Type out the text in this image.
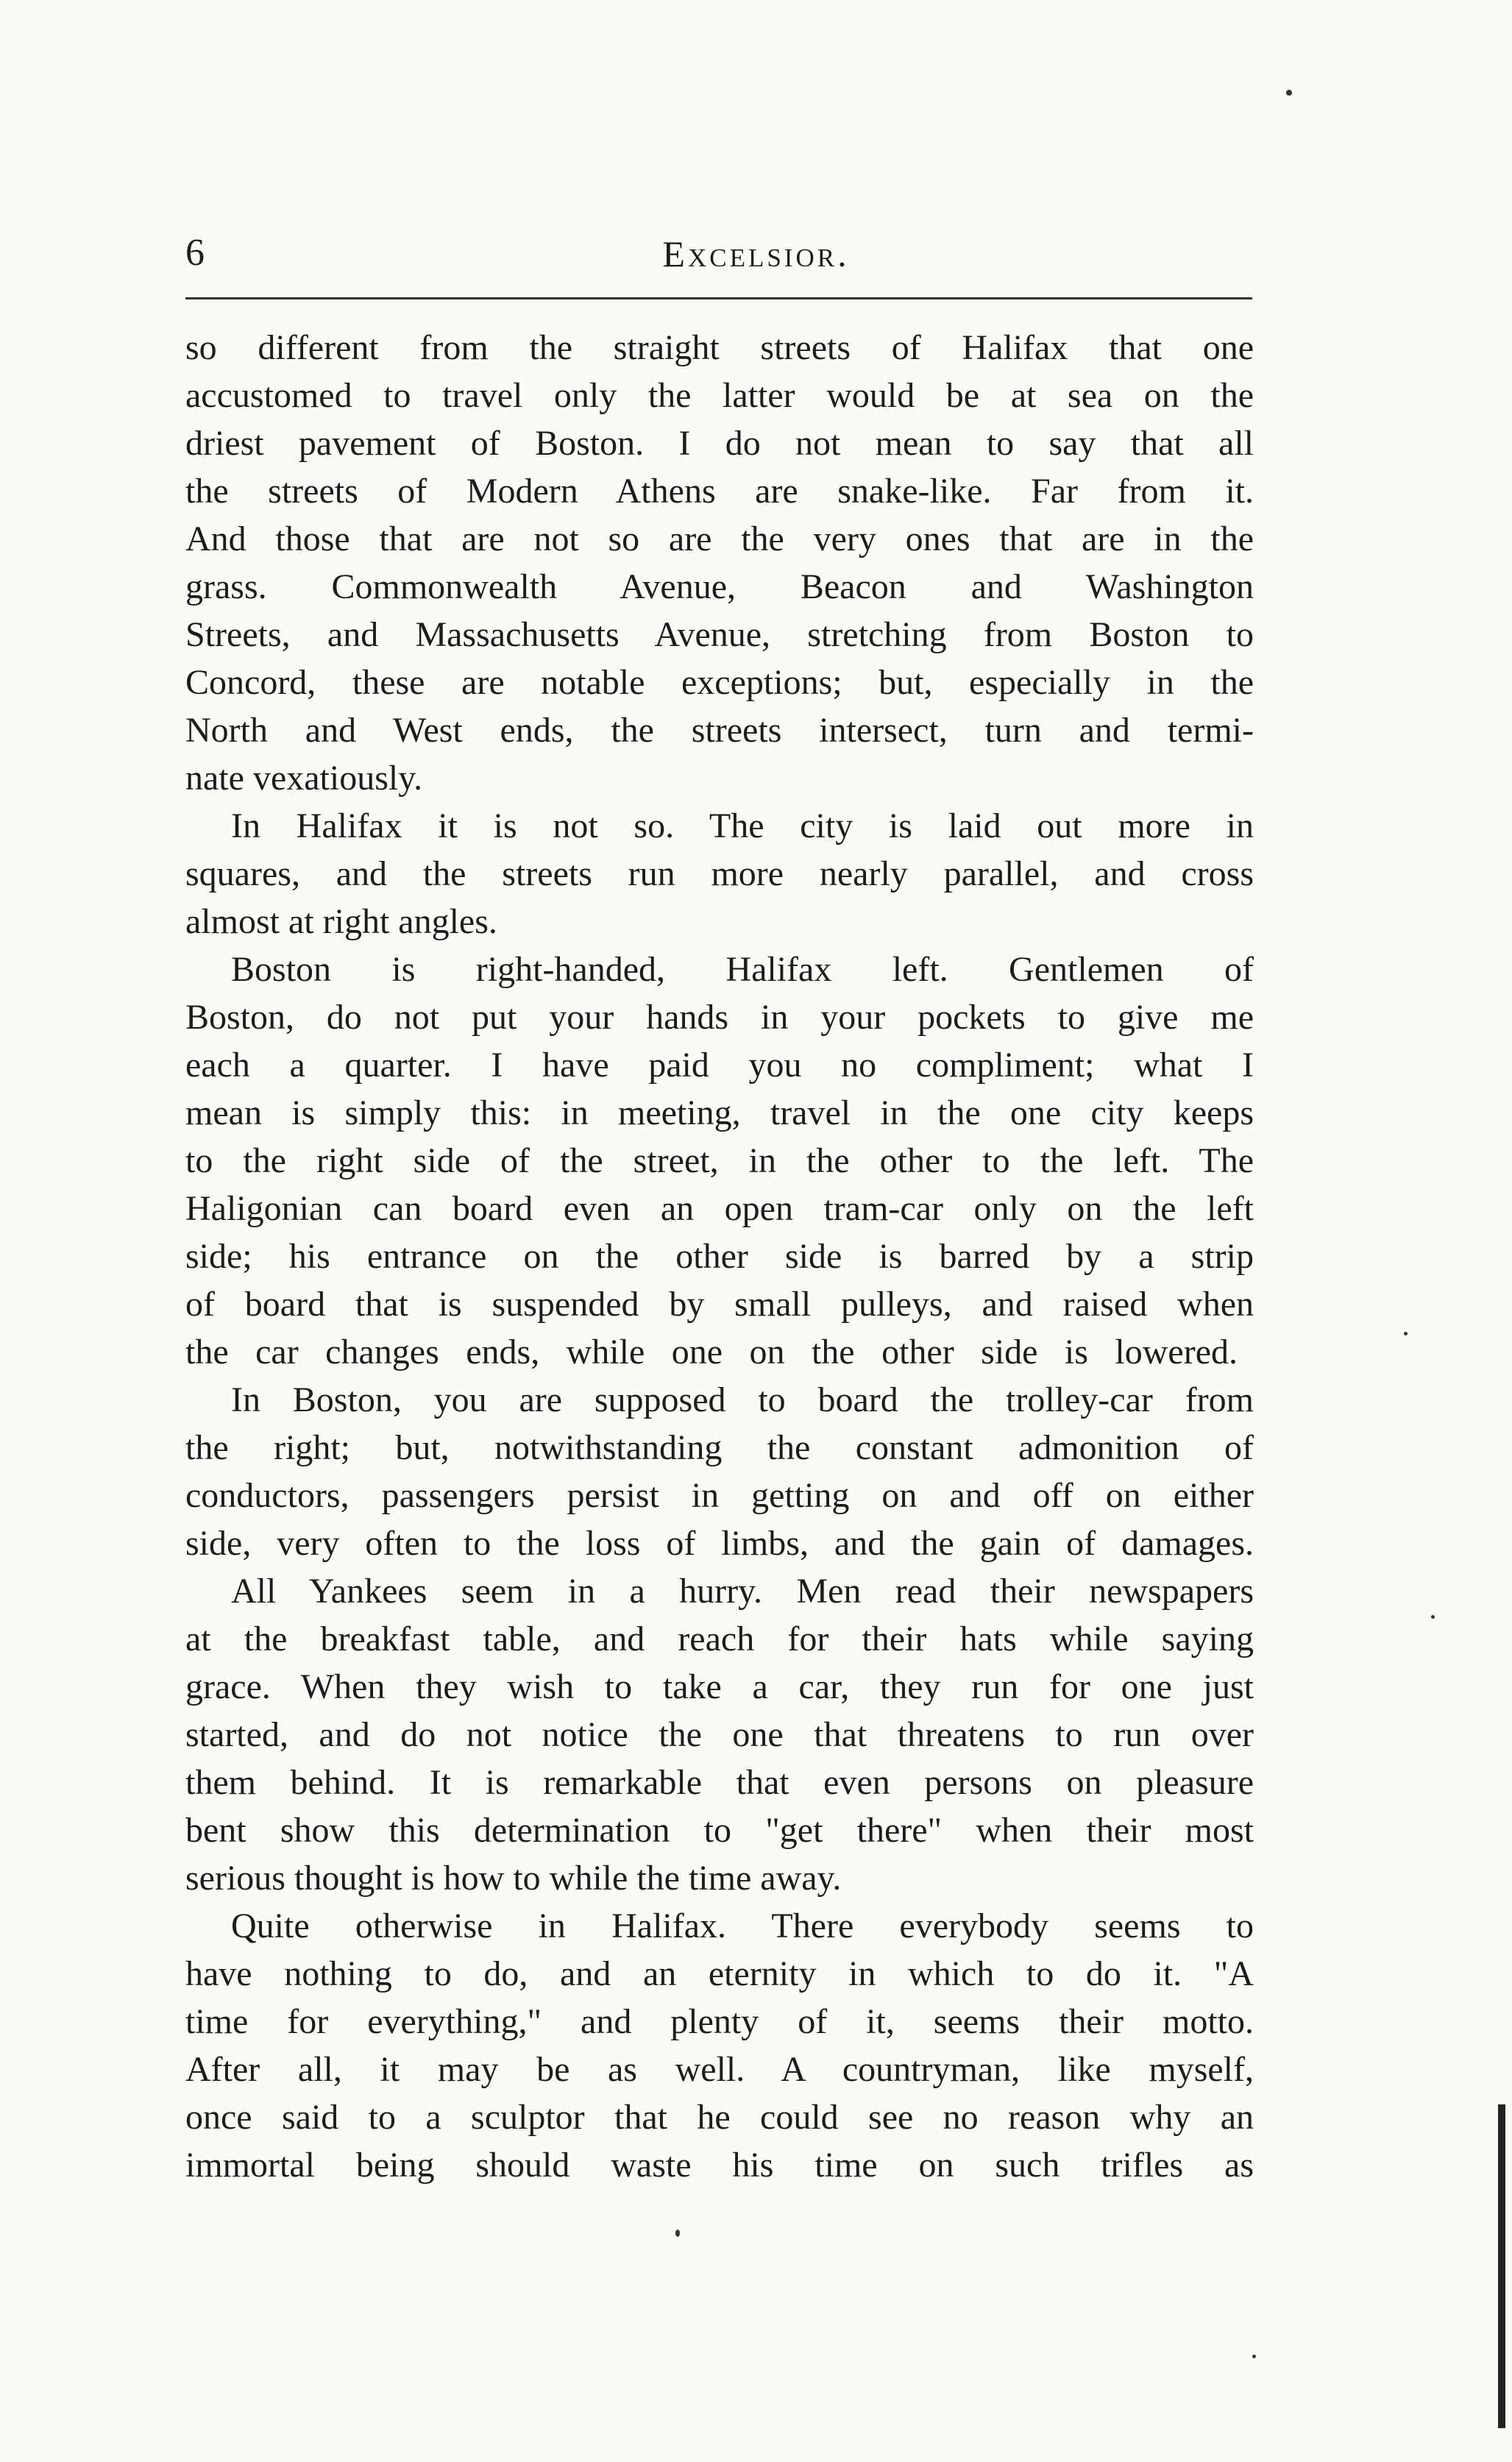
6	Excelsior.
so different from the straight streets of Halifax that one
accustomed to travel only the latter would be at sea on the
driest pavement of Boston. I do not mean to say that all
the streets of Modern Athens are snake-like. Far from it.
And those that are not so are the very ones that are in the
grass. Commonwealth Avenue, Beacon and Washington
Streets, and Massachusetts Avenue, stretching from Boston to
Concord, these are notable exceptions; but, especially in the
North and West ends, the streets intersect, turn and termi-
nate vexatiously.
In Halifax it is not so. The city is laid out more in
squares, and the streets run more nearly parallel, and cross
almost at right angles.
Boston is right-handed, Halifax left. Gentlemen of
Boston, do not put your hands in your pockets to give me
each a quarter. I have paid you no compliment; what I
mean is simply this: in meeting, travel in the one city keeps
to the right side of the street, in the other to the left. The
Haligonian can board even an open tram-car only on the left
side; his entrance on the other side is barred by a strip
of board that is suspended by small pulleys, and raised when
the car changes ends, while one on the other side is lowered.
In Boston, you are supposed to board the trolley-car from
the right; but, notwithstanding the constant admonition of
conductors, passengers persist in getting on and off on either
side, very often to the loss of limbs, and the gain of damages.
All Yankees seem in a hurry. Men read their newspapers
at the breakfast table, and reach for their hats while saying
grace. When they wish to take a car, they run for one just
started, and do not notice the one that threatens to run over
them behind. It is remarkable that even persons on pleasure
bent show this determination to "get there" when their most
serious thought is how to while the time away.
Quite otherwise in Halifax. There everybody seems to
have nothing to do, and an eternity in which to do it. "A
time for everything," and plenty of it, seems their motto.
After all, it may be as well. A countryman, like myself,
once said to a sculptor that he could see no reason why an
immortal being should waste his time on such trifles as
